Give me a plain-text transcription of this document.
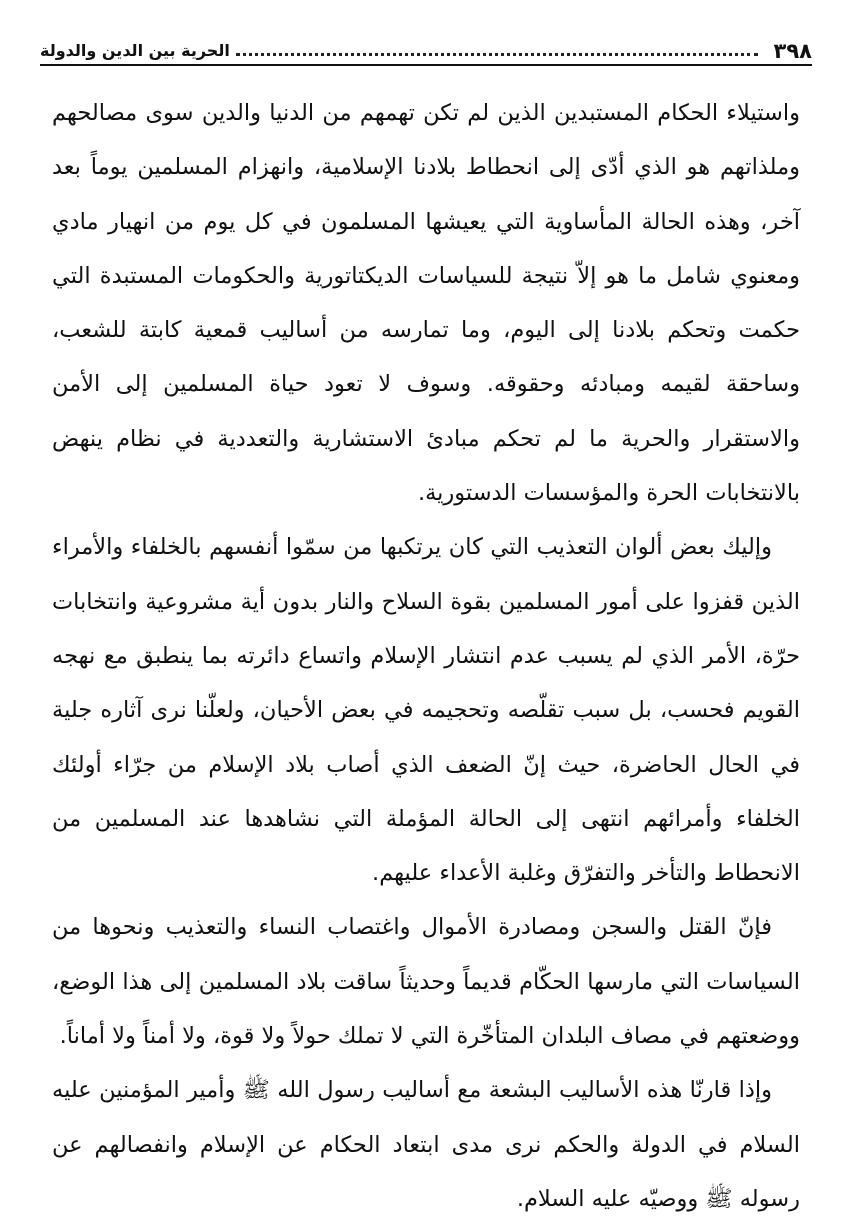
٣٩٨
الحرية بين الدين والدولة

واستيلاء الحكام المستبدين الذين لم تكن تهمهم من الدنيا والدين سوى مصالحهم وملذاتهم هو الذي أدّى إلى انحطاط بلادنا الإسلامية، وانهزام المسلمين يوماً بعد آخر، وهذه الحالة المأساوية التي يعيشها المسلمون في كل يوم من انهيار مادي ومعنوي شامل ما هو إلاّ نتيجة للسياسات الديكتاتورية والحكومات المستبدة التي حكمت وتحكم بلادنا إلى اليوم، وما تمارسه من أساليب قمعية كابتة للشعب، وساحقة لقيمه ومبادئه وحقوقه. وسوف لا تعود حياة المسلمين إلى الأمن والاستقرار والحرية ما لم تحكم مبادئ الاستشارية والتعددية في نظام ينهض بالانتخابات الحرة والمؤسسات الدستورية.

وإليك بعض ألوان التعذيب التي كان يرتكبها من سمّوا أنفسهم بالخلفاء والأمراء الذين قفزوا على أمور المسلمين بقوة السلاح والنار بدون أية مشروعية وانتخابات حرّة، الأمر الذي لم يسبب عدم انتشار الإسلام واتساع دائرته بما ينطبق مع نهجه القويم فحسب، بل سبب تقلّصه وتحجيمه في بعض الأحيان، ولعلّنا نرى آثاره جلية في الحال الحاضرة، حيث إنّ الضعف الذي أصاب بلاد الإسلام من جرّاء أولئك الخلفاء وأمرائهم انتهى إلى الحالة المؤملة التي نشاهدها عند المسلمين من الانحطاط والتأخر والتفرّق وغلبة الأعداء عليهم.

فإنّ القتل والسجن ومصادرة الأموال واغتصاب النساء والتعذيب ونحوها من السياسات التي مارسها الحكّام قديماً وحديثاً ساقت بلاد المسلمين إلى هذا الوضع، ووضعتهم في مصاف البلدان المتأخّرة التي لا تملك حولاً ولا قوة، ولا أمناً ولا أماناً.

وإذا قارنّا هذه الأساليب البشعة مع أساليب رسول الله ﷺ وأمير المؤمنين عليه السلام في الدولة والحكم نرى مدى ابتعاد الحكام عن الإسلام وانفصالهم عن رسوله ﷺ ووصيّه عليه السلام.
